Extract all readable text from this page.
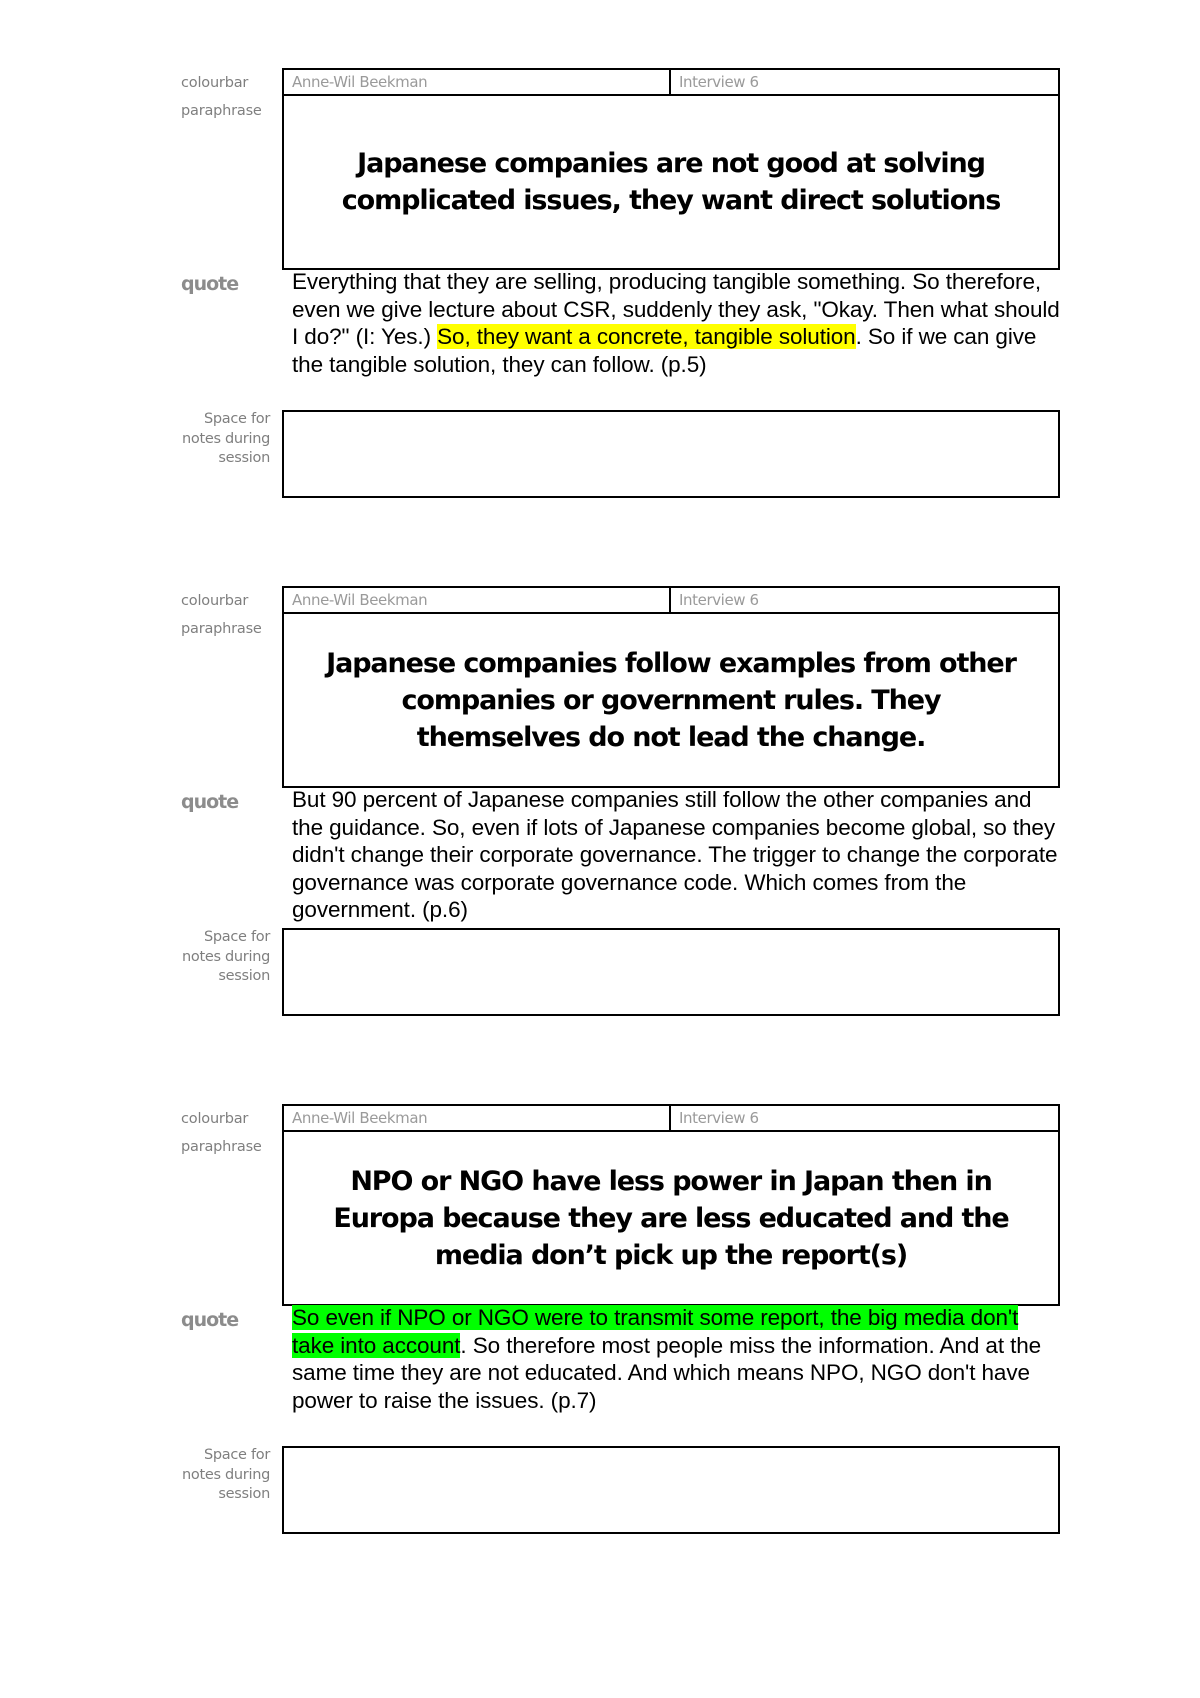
colourbar
paraphrase
quote
Anne-Wil Beekman	Interview 6
Japanese companies are not good at solving complicated issues, they want direct solutions
Everything that they are selling, producing tangible something. So therefore, even we give lecture about CSR, suddenly they ask, "Okay. Then what should I do?" (I: Yes.) So, they want a concrete, tangible solution. So if we can give the tangible solution, they can follow. (p.5)
Space for
notes during
session
colourbar
paraphrase
quote
Anne-Wil Beekman	Interview 6
Japanese companies follow examples from other companies or government rules. They themselves do not lead the change.
But 90 percent of Japanese companies still follow the other companies and the guidance. So, even if lots of Japanese companies become global, so they didn't change their corporate governance. The trigger to change the corporate governance was corporate governance code. Which comes from the government. (p.6)
Space for
notes during
session
colourbar
paraphrase
quote
Anne-Wil Beekman	Interview 6
NPO or NGO have less power in Japan then in Europa because they are less educated and the media don’t pick up the report(s)
So even if NPO or NGO were to transmit some report, the big media don't take into account. So therefore most people miss the information. And at the same time they are not educated. And which means NPO, NGO don't have power to raise the issues. (p.7)
Space for
notes during
session
